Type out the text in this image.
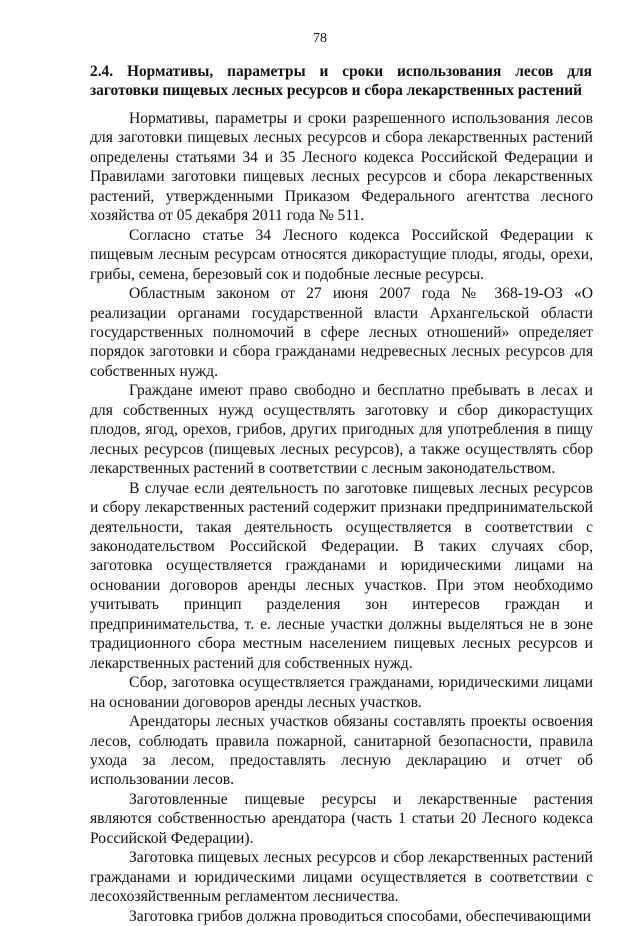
78
2.4. Нормативы, параметры и сроки использования лесов для
заготовки пищевых лесных ресурсов и сбора лекарственных растений

Нормативы, параметры и сроки разрешенного использования лесов для заготовки пищевых лесных ресурсов и сбора лекарственных растений определены статьями 34 и 35 Лесного кодекса Российской Федерации и Правилами заготовки пищевых лесных ресурсов и сбора лекарственных растений, утвержденными Приказом Федерального агентства лесного хозяйства от 05 декабря 2011 года № 511.

Согласно статье 34 Лесного кодекса Российской Федерации к пищевым лесным ресурсам относятся дикорастущие плоды, ягоды, орехи, грибы, семена, березовый сок и подобные лесные ресурсы.

Областным законом от 27 июня 2007 года № 368-19-ОЗ «О реализации органами государственной власти Архангельской области государственных полномочий в сфере лесных отношений» определяет порядок заготовки и сбора гражданами недревесных лесных ресурсов для собственных нужд.

Граждане имеют право свободно и бесплатно пребывать в лесах и для собственных нужд осуществлять заготовку и сбор дикорастущих плодов, ягод, орехов, грибов, других пригодных для употребления в пищу лесных ресурсов (пищевых лесных ресурсов), а также осуществлять сбор лекарственных растений в соответствии с лесным законодательством.

В случае если деятельность по заготовке пищевых лесных ресурсов и сбору лекарственных растений содержит признаки предпринимательской деятельности, такая деятельность осуществляется в соответствии с законодательством Российской Федерации. В таких случаях сбор, заготовка осуществляется гражданами и юридическими лицами на основании договоров аренды лесных участков. При этом необходимо учитывать принцип разделения зон интересов граждан и предпринимательства, т. е. лесные участки должны выделяться не в зоне традиционного сбора местным населением пищевых лесных ресурсов и лекарственных растений для собственных нужд.

Сбор, заготовка осуществляется гражданами, юридическими лицами на основании договоров аренды лесных участков.

Арендаторы лесных участков обязаны составлять проекты освоения лесов, соблюдать правила пожарной, санитарной безопасности, правила ухода за лесом, предоставлять лесную декларацию и отчет об использовании лесов.

Заготовленные пищевые ресурсы и лекарственные растения являются собственностью арендатора (часть 1 статьи 20 Лесного кодекса Российской Федерации).

Заготовка пищевых лесных ресурсов и сбор лекарственных растений гражданами и юридическими лицами осуществляется в соответствии с лесохозяйственным регламентом лесничества.

Заготовка грибов должна проводиться способами, обеспечивающими
